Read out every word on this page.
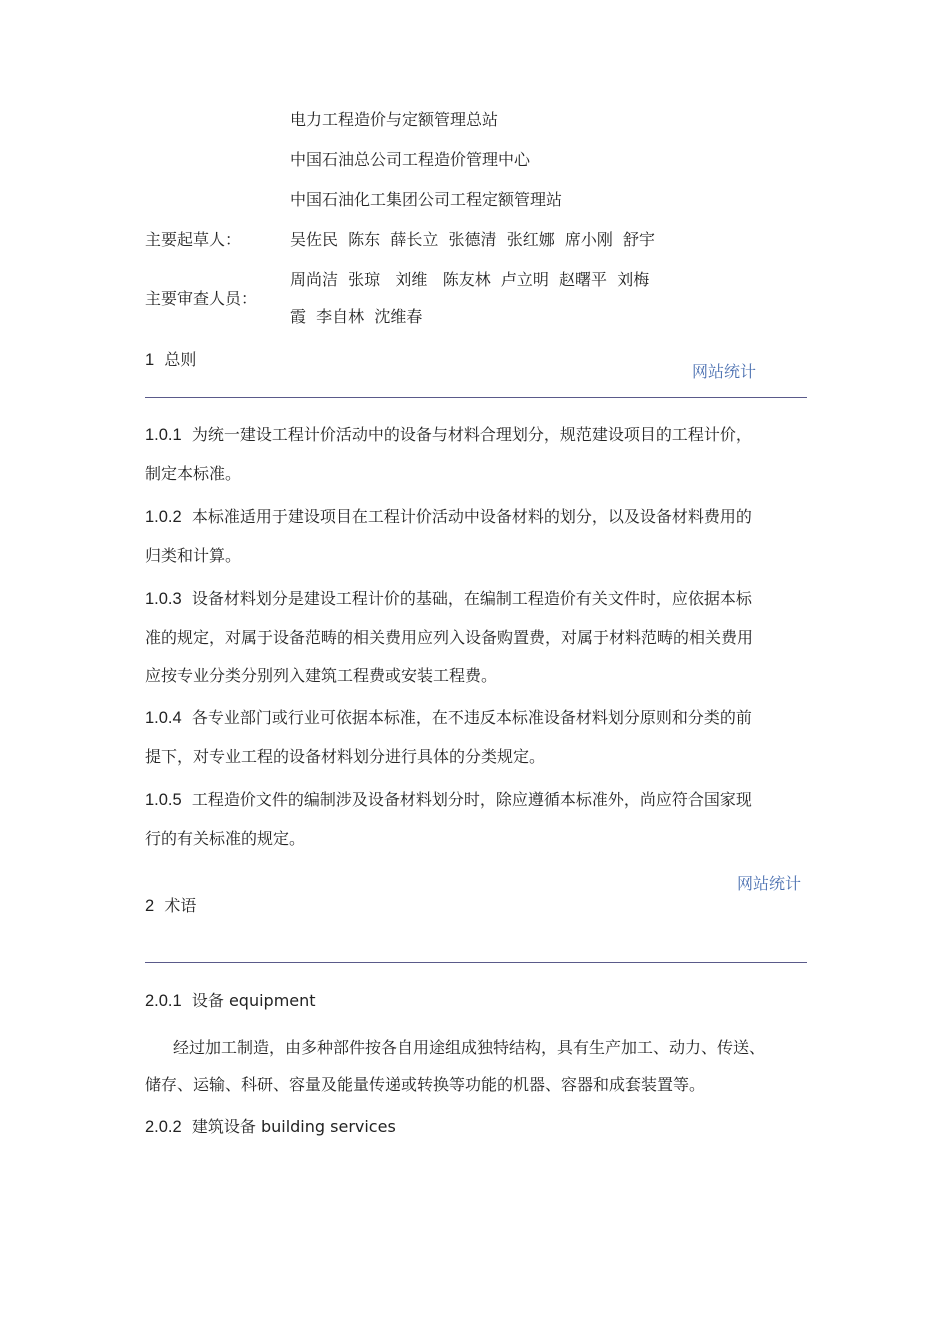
电力工程造价与定额管理总站
中国石油总公司工程造价管理中心
中国石油化工集团公司工程定额管理站
主要起草人：	吴佐民  陈东  薛长立  张德清  张红娜  席小刚  舒宇
周尚洁  张琼   刘维   陈友林  卢立明  赵曙平  刘梅
主要审查人员：
霞  李自林  沈维春
1 总则
网站统计
1.0.1 为统一建设工程计价活动中的设备与材料合理划分，规范建设项目的工程计价，
制定本标准。
1.0.2 本标准适用于建设项目在工程计价活动中设备材料的划分，以及设备材料费用的
归类和计算。
1.0.3 设备材料划分是建设工程计价的基础，在编制工程造价有关文件时，应依据本标
准的规定，对属于设备范畴的相关费用应列入设备购置费，对属于材料范畴的相关费用
应按专业分类分别列入建筑工程费或安装工程费。
1.0.4 各专业部门或行业可依据本标准，在不违反本标准设备材料划分原则和分类的前
提下，对专业工程的设备材料划分进行具体的分类规定。
1.0.5 工程造价文件的编制涉及设备材料划分时，除应遵循本标准外，尚应符合国家现
行的有关标准的规定。
网站统计
2 术语
2.0.1 设备 equipment
经过加工制造，由多种部件按各自用途组成独特结构，具有生产加工、动力、传送、
储存、运输、科研、容量及能量传递或转换等功能的机器、容器和成套装置等。
2.0.2 建筑设备 building services
